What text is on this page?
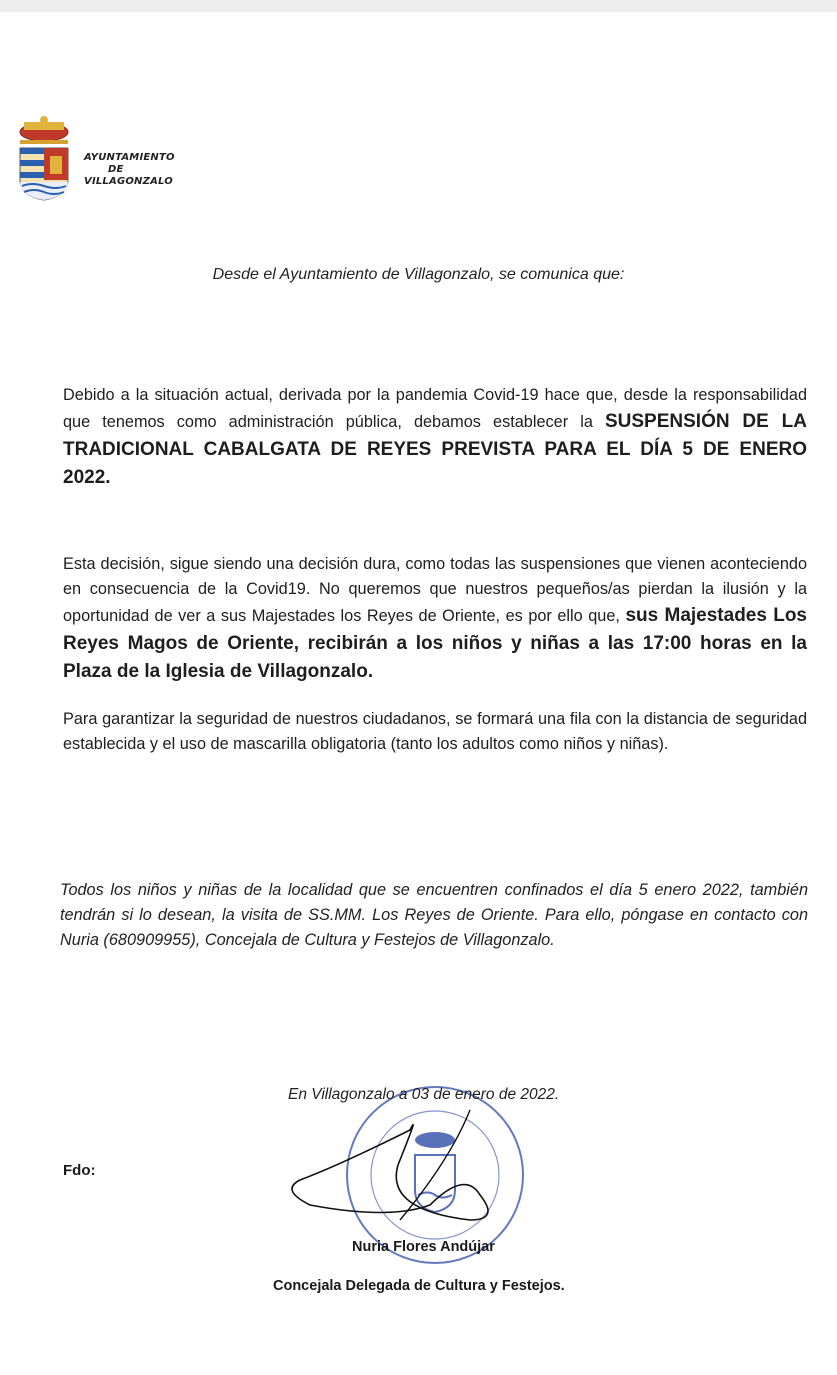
AYUNTAMIENTO
DE
VILLAGONZALO
Desde el Ayuntamiento de Villagonzalo, se comunica que:
Debido a la situación actual, derivada por la pandemia Covid-19 hace que, desde la responsabilidad que tenemos como administración pública, debamos establecer la SUSPENSIÓN DE LA TRADICIONAL CABALGATA DE REYES PREVISTA PARA EL DÍA 5 DE ENERO 2022.
Esta decisión, sigue siendo una decisión dura, como todas las suspensiones que vienen aconteciendo en consecuencia de la Covid19. No queremos que nuestros pequeños/as pierdan la ilusión y la oportunidad de ver a sus Majestades los Reyes de Oriente, es por ello que, sus Majestades Los Reyes Magos de Oriente, recibirán a los niños y niñas a las 17:00 horas en la Plaza de la Iglesia de Villagonzalo.
Para garantizar la seguridad de nuestros ciudadanos, se formará una fila con la distancia de seguridad establecida y el uso de mascarilla obligatoria (tanto los adultos como niños y niñas).
Todos los niños y niñas de la localidad que se encuentren confinados el día 5 enero 2022, también tendrán si lo desean, la visita de SS.MM. Los Reyes de Oriente. Para ello, póngase en contacto con Nuria (680909955), Concejala de Cultura y Festejos de Villagonzalo.
En Villagonzalo a 03 de enero de 2022.
Fdo:
Nuria Flores Andújar
Concejala Delegada de Cultura y Festejos.
